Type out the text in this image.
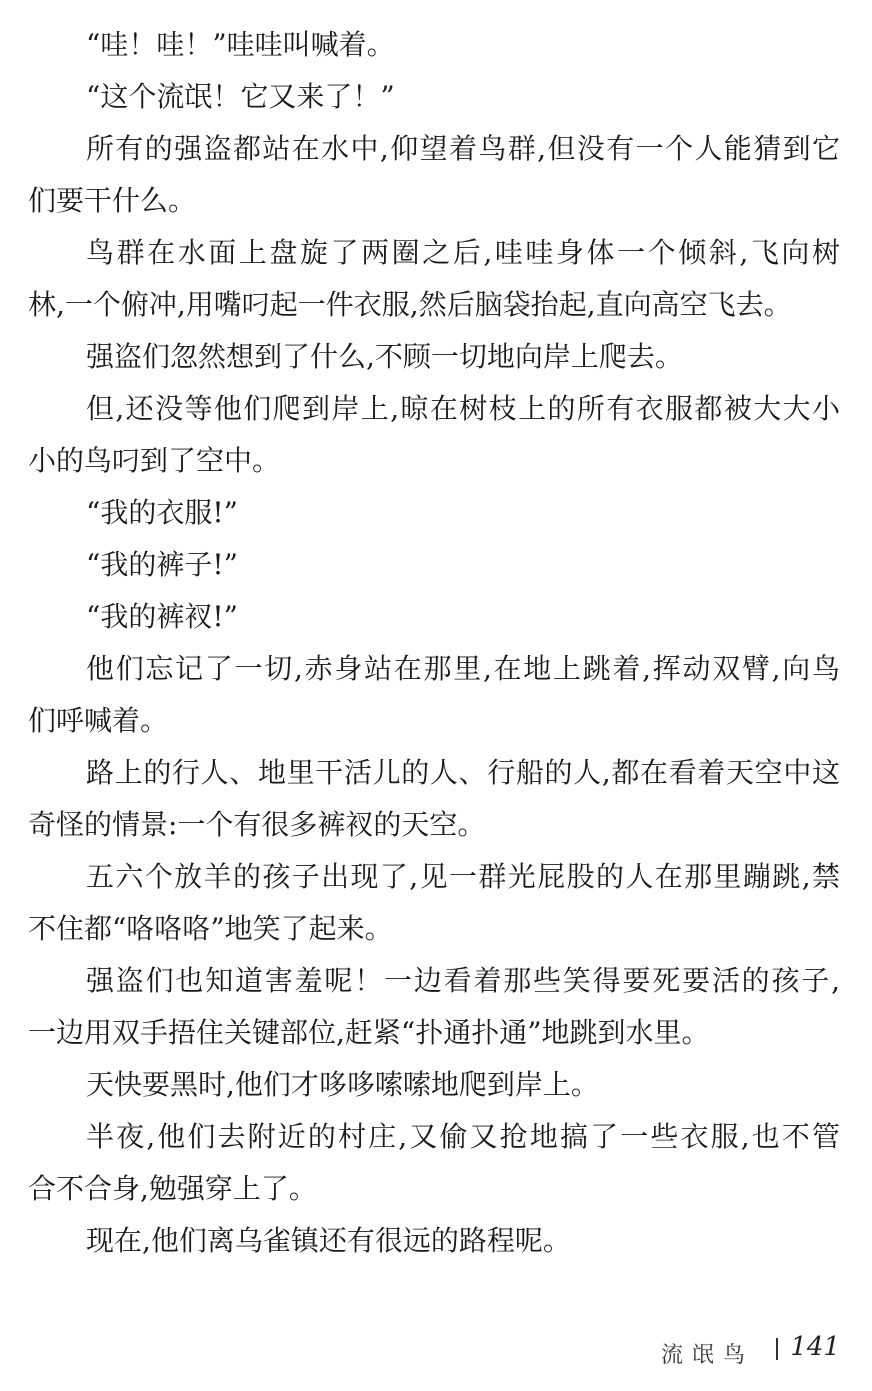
“哇！哇！”哇哇叫喊着。
“这个流氓！它又来了！”
所有的强盗都站在水中,仰望着鸟群,但没有一个人能猜到它
们要干什么。
鸟群在水面上盘旋了两圈之后,哇哇身体一个倾斜,飞向树
林,一个俯冲,用嘴叼起一件衣服,然后脑袋抬起,直向高空飞去。
强盗们忽然想到了什么,不顾一切地向岸上爬去。
但,还没等他们爬到岸上,晾在树枝上的所有衣服都被大大小
小的鸟叼到了空中。
“我的衣服!”
“我的裤子!”
“我的裤衩!”
他们忘记了一切,赤身站在那里,在地上跳着,挥动双臂,向鸟
们呼喊着。
路上的行人、地里干活儿的人、行船的人,都在看着天空中这
奇怪的情景:一个有很多裤衩的天空。
五六个放羊的孩子出现了,见一群光屁股的人在那里蹦跳,禁
不住都“咯咯咯”地笑了起来。
强盗们也知道害羞呢！一边看着那些笑得要死要活的孩子,
一边用双手捂住关键部位,赶紧“扑通扑通”地跳到水里。
天快要黑时,他们才哆哆嗦嗦地爬到岸上。
半夜,他们去附近的村庄,又偷又抢地搞了一些衣服,也不管
合不合身,勉强穿上了。
现在,他们离乌雀镇还有很远的路程呢。
流氓鸟 141
